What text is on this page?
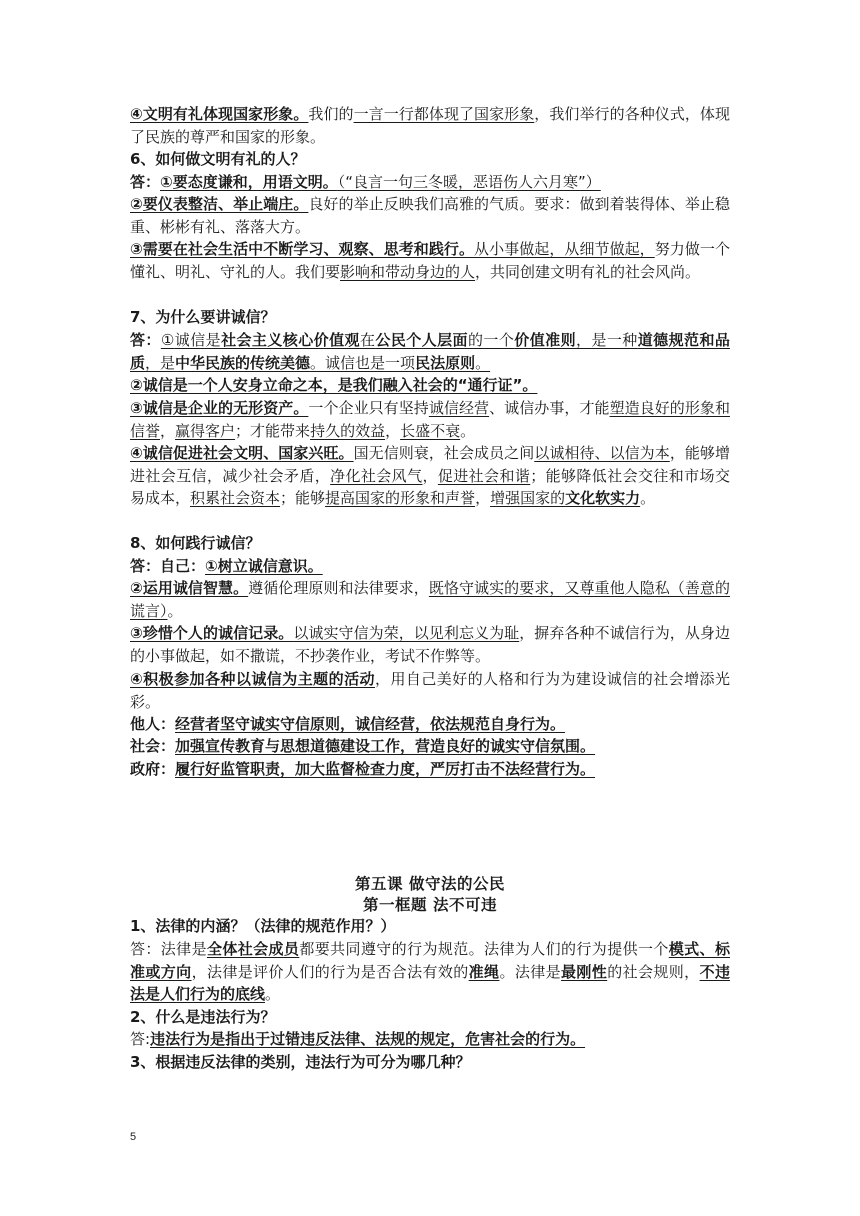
④文明有礼体现国家形象。我们的一言一行都体现了国家形象，我们举行的各种仪式，体现了民族的尊严和国家的形象。
6、如何做文明有礼的人？
答：①要态度谦和，用语文明。（“良言一句三冬暖，恶语伤人六月寒”）
②要仪表整洁、举止端庄。良好的举止反映我们高雅的气质。要求：做到着装得体、举止稳重、彬彬有礼、落落大方。
③需要在社会生活中不断学习、观察、思考和践行。从小事做起，从细节做起，努力做一个懂礼、明礼、守礼的人。我们要影响和带动身边的人，共同创建文明有礼的社会风尚。
7、为什么要讲诚信？
答：①诚信是社会主义核心价值观在公民个人层面的一个价值准则，是一种道德规范和品质，是中华民族的传统美德。诚信也是一项民法原则。
②诚信是一个人安身立命之本，是我们融入社会的“通行证”。
③诚信是企业的无形资产。一个企业只有坚持诚信经营、诚信办事，才能塑造良好的形象和信誉，赢得客户；才能带来持久的效益，长盛不衰。
④诚信促进社会文明、国家兴旺。国无信则衰，社会成员之间以诚相待、以信为本，能够增进社会互信，减少社会矛盾，净化社会风气，促进社会和谐；能够降低社会交往和市场交易成本，积累社会资本；能够提高国家的形象和声誉，增强国家的文化软实力。
8、如何践行诚信？
答：自己：①树立诚信意识。
②运用诚信智慧。遵循伦理原则和法律要求，既恪守诚实的要求，又尊重他人隐私（善意的谎言）。
③珍惜个人的诚信记录。以诚实守信为荣，以见利忘义为耻，摒弃各种不诚信行为，从身边的小事做起，如不撒谎，不抄袭作业，考试不作弊等。
④积极参加各种以诚信为主题的活动，用自己美好的人格和行为为建设诚信的社会增添光彩。
他人：经营者坚守诚实守信原则，诚信经营，依法规范自身行为。
社会：加强宣传教育与思想道德建设工作，营造良好的诚实守信氛围。
政府：履行好监管职责，加大监督检查力度，严厉打击不法经营行为。
第五课 做守法的公民
第一框题 法不可违
1、法律的内涵？（法律的规范作用？）
答：法律是全体社会成员都要共同遵守的行为规范。法律为人们的行为提供一个模式、标准或方向，法律是评价人们的行为是否合法有效的准绳。法律是最刚性的社会规则，不违法是人们行为的底线。
2、什么是违法行为？
答:违法行为是指出于过错违反法律、法规的规定，危害社会的行为。
3、根据违反法律的类别，违法行为可分为哪几种？
5
